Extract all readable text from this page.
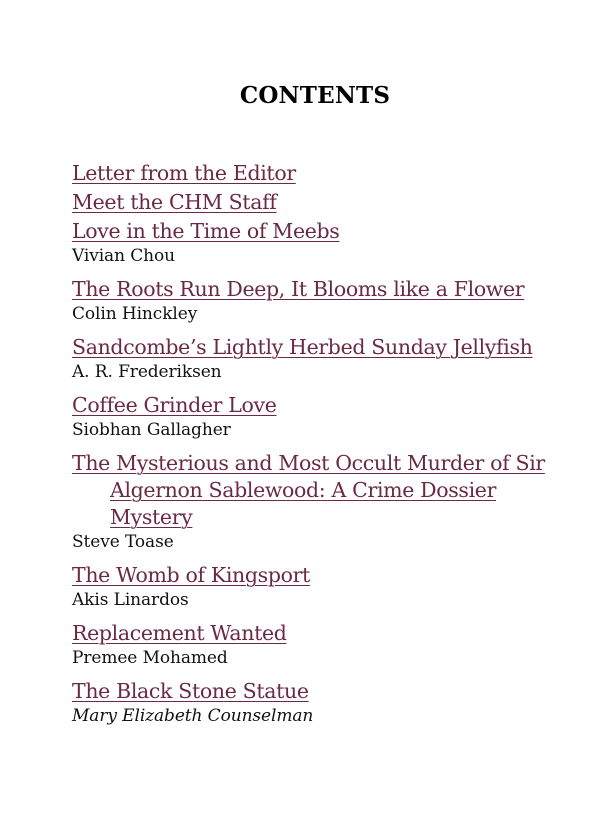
CONTENTS
Letter from the Editor
Meet the CHM Staff
Love in the Time of Meebs
Vivian Chou
The Roots Run Deep, It Blooms like a Flower
Colin Hinckley
Sandcombe’s Lightly Herbed Sunday Jellyfish
A. R. Frederiksen
Coffee Grinder Love
Siobhan Gallagher
The Mysterious and Most Occult Murder of Sir Algernon Sablewood: A Crime Dossier Mystery
Steve Toase
The Womb of Kingsport
Akis Linardos
Replacement Wanted
Premee Mohamed
The Black Stone Statue
Mary Elizabeth Counselman
